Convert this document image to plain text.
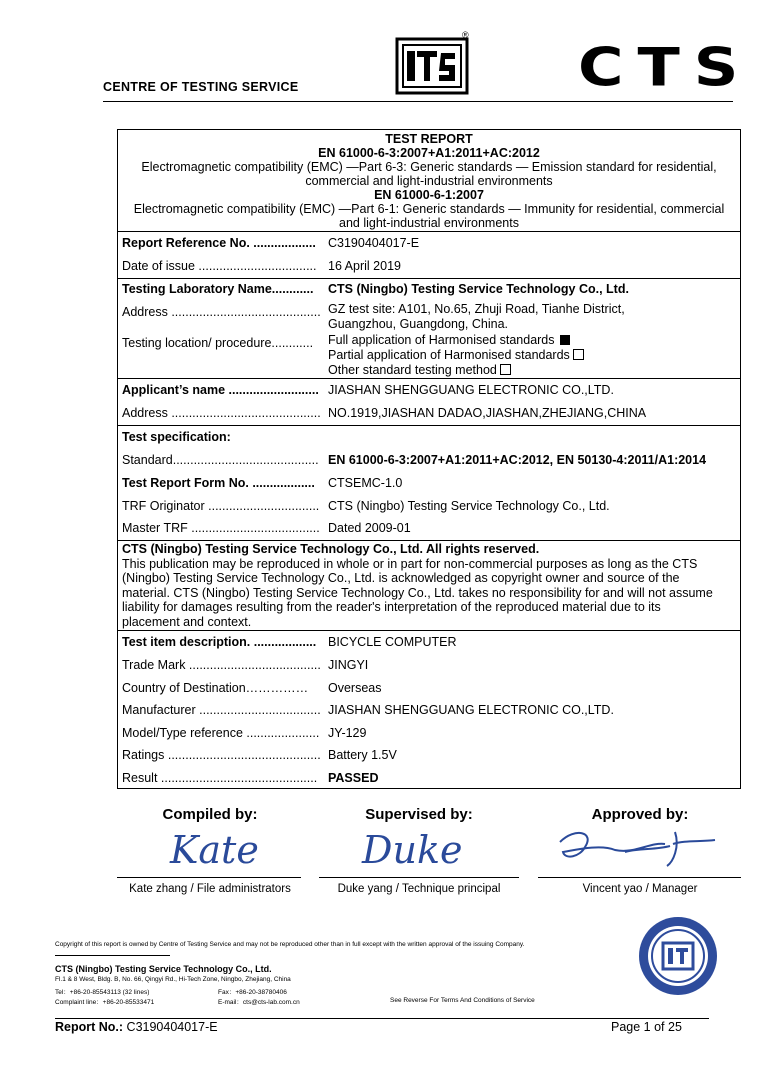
CENTRE OF TESTING SERVICE
®
CTS
TEST REPORT
EN 61000-6-3:2007+A1:2011+AC:2012
Electromagnetic compatibility (EMC) —Part 6-3: Generic standards — Emission standard for residential,
commercial and light-industrial environments
EN 61000-6-1:2007
Electromagnetic compatibility (EMC) —Part 6-1: Generic standards — Immunity for residential, commercial
and light-industrial environments
Report Reference No. .................. C3190404017-E
Date of issue .................................. 16 April 2019
Testing Laboratory Name............ CTS (Ningbo) Testing Service Technology Co., Ltd.
Address ........................................... GZ test site: A101, No.65, Zhuji Road, Tianhe District,
Guangzhou, Guangdong, China.
Testing location/ procedure............ Full application of Harmonised standards
Partial application of Harmonised standards
Other standard testing method
Applicant’s name .......................... JIASHAN SHENGGUANG ELECTRONIC CO.,LTD.
Address ........................................... NO.1919,JIASHAN DADAO,JIASHAN,ZHEJIANG,CHINA
Test specification:
Standard.......................................... EN 61000-6-3:2007+A1:2011+AC:2012, EN 50130-4:2011/A1:2014
Test Report Form No. .................. CTSEMC-1.0
TRF Originator ................................ CTS (Ningbo) Testing Service Technology Co., Ltd.
Master TRF ..................................... Dated 2009-01
CTS (Ningbo) Testing Service Technology Co., Ltd. All rights reserved.
This publication may be reproduced in whole or in part for non-commercial purposes as long as the CTS
(Ningbo) Testing Service Technology Co., Ltd. is acknowledged as copyright owner and source of the
material. CTS (Ningbo) Testing Service Technology Co., Ltd. takes no responsibility for and will not assume
liability for damages resulting from the reader's interpretation of the reproduced material due to its
placement and context.
Test item description. .................. BICYCLE COMPUTER
Trade Mark ...................................... JINGYI
Country of Destination…………… Overseas
Manufacturer ................................... JIASHAN SHENGGUANG ELECTRONIC CO.,LTD.
Model/Type reference ..................... JY-129
Ratings ............................................ Battery 1.5V
Result ............................................. PASSED
Compiled by:	Supervised by:	Approved by:
Kate	Duke
Kate zhang / File administrators	Duke yang / Technique principal	Vincent yao / Manager
Copyright of this report is owned by Centre of Testing Service and may not be reproduced other than in full except with the written approval of the issuing Company.
CTS (Ningbo) Testing Service Technology Co., Ltd.
Fl.1 & 8 West, Bldg. B, No. 66, Qingyi Rd., Hi-Tech Zone, Ningbo, Zhejiang, China
Tel：+86-20-85543113 (32 lines)	Fax：+86-20-38780406
Complaint line：+86-20-85533471	E-mail：cts@cts-lab.com.cn	See Reverse For Terms And Conditions of Service
Report No.: C3190404017-E	Page 1 of 25
